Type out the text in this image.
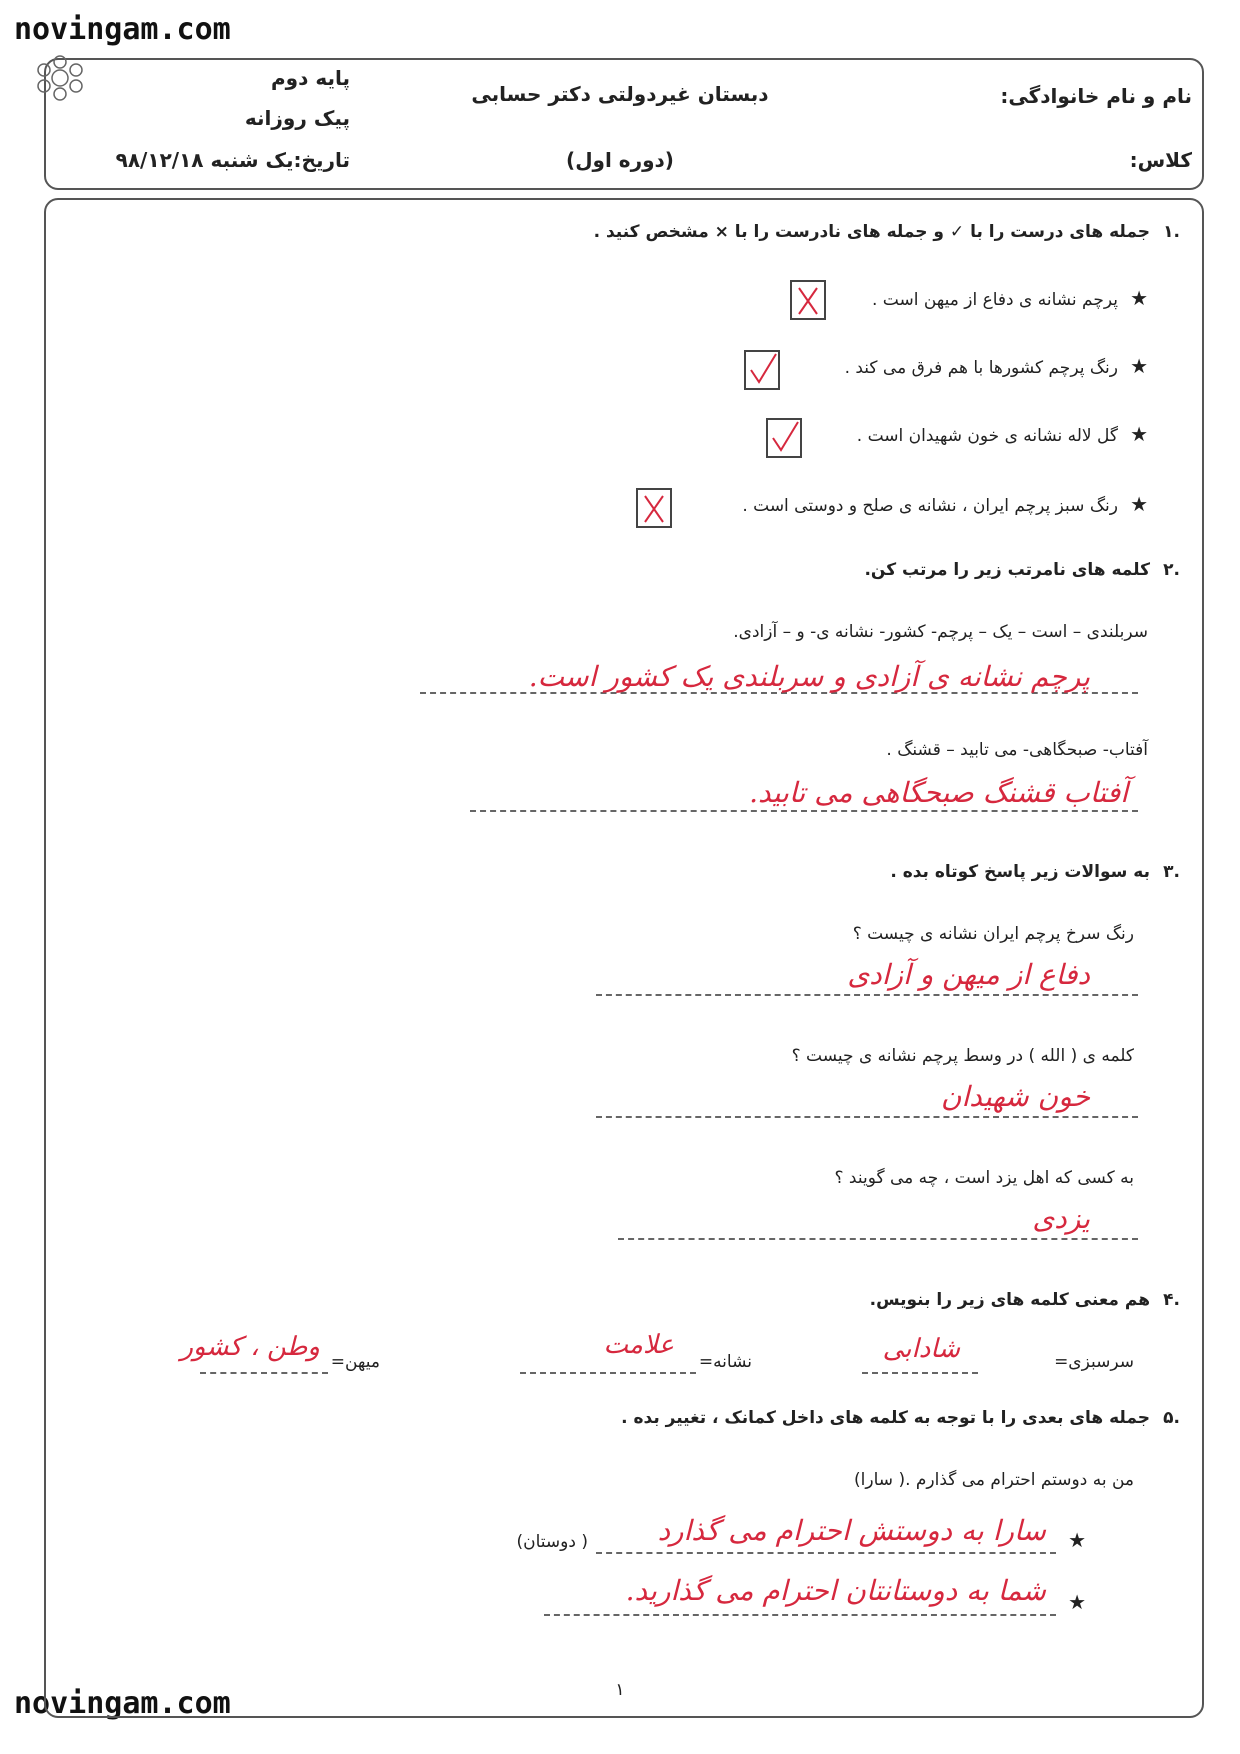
novingam.com
novingam.com
نام و نام خانوادگی:
کلاس:
دبستان غیردولتی دکتر حسابی
(دوره اول)
پایه دوم
پیک روزانه
تاریخ:یک شنبه ۹۸/۱۲/۱۸
۱.
جمله های درست را با ✓ و جمله های نادرست را با × مشخص کنید .
★
پرچم نشانه ی دفاع از میهن است .
★
رنگ پرچم کشورها با هم فرق می کند .
★
گل لاله نشانه ی خون شهیدان است .
★
رنگ سبز پرچم ایران ، نشانه ی صلح و دوستی است .
۲.
کلمه های نامرتب زیر را مرتب کن.
سربلندی – است – یک – پرچم- کشور- نشانه ی- و – آزادی.
پرچم نشانه ی آزادی و سربلندی یک کشور است.
آفتاب- صبحگاهی- می تابید – قشنگ .
آفتاب قشنگ صبحگاهی می تابید.
۳.
به سوالات زیر پاسخ کوتاه بده .
رنگ سرخ پرچم ایران نشانه ی چیست ؟
دفاع از میهن و آزادی
کلمه ی ( الله ) در وسط پرچم نشانه ی چیست ؟
خون شهیدان
به کسی که اهل یزد است ، چه می گویند ؟
یزدی
۴.
هم معنی کلمه های زیر را بنویس.
سرسبزی=
شادابی
نشانه=
علامت
میهن=
وطن ، کشور
۵.
جمله های بعدی را با توجه به کلمه های داخل کمانک ، تغییر بده .
من به دوستم احترام می گذارم .( سارا)
★
سارا به دوستش احترام می گذارد
( دوستان)
★
شما به دوستانتان احترام می گذارید.
۱
